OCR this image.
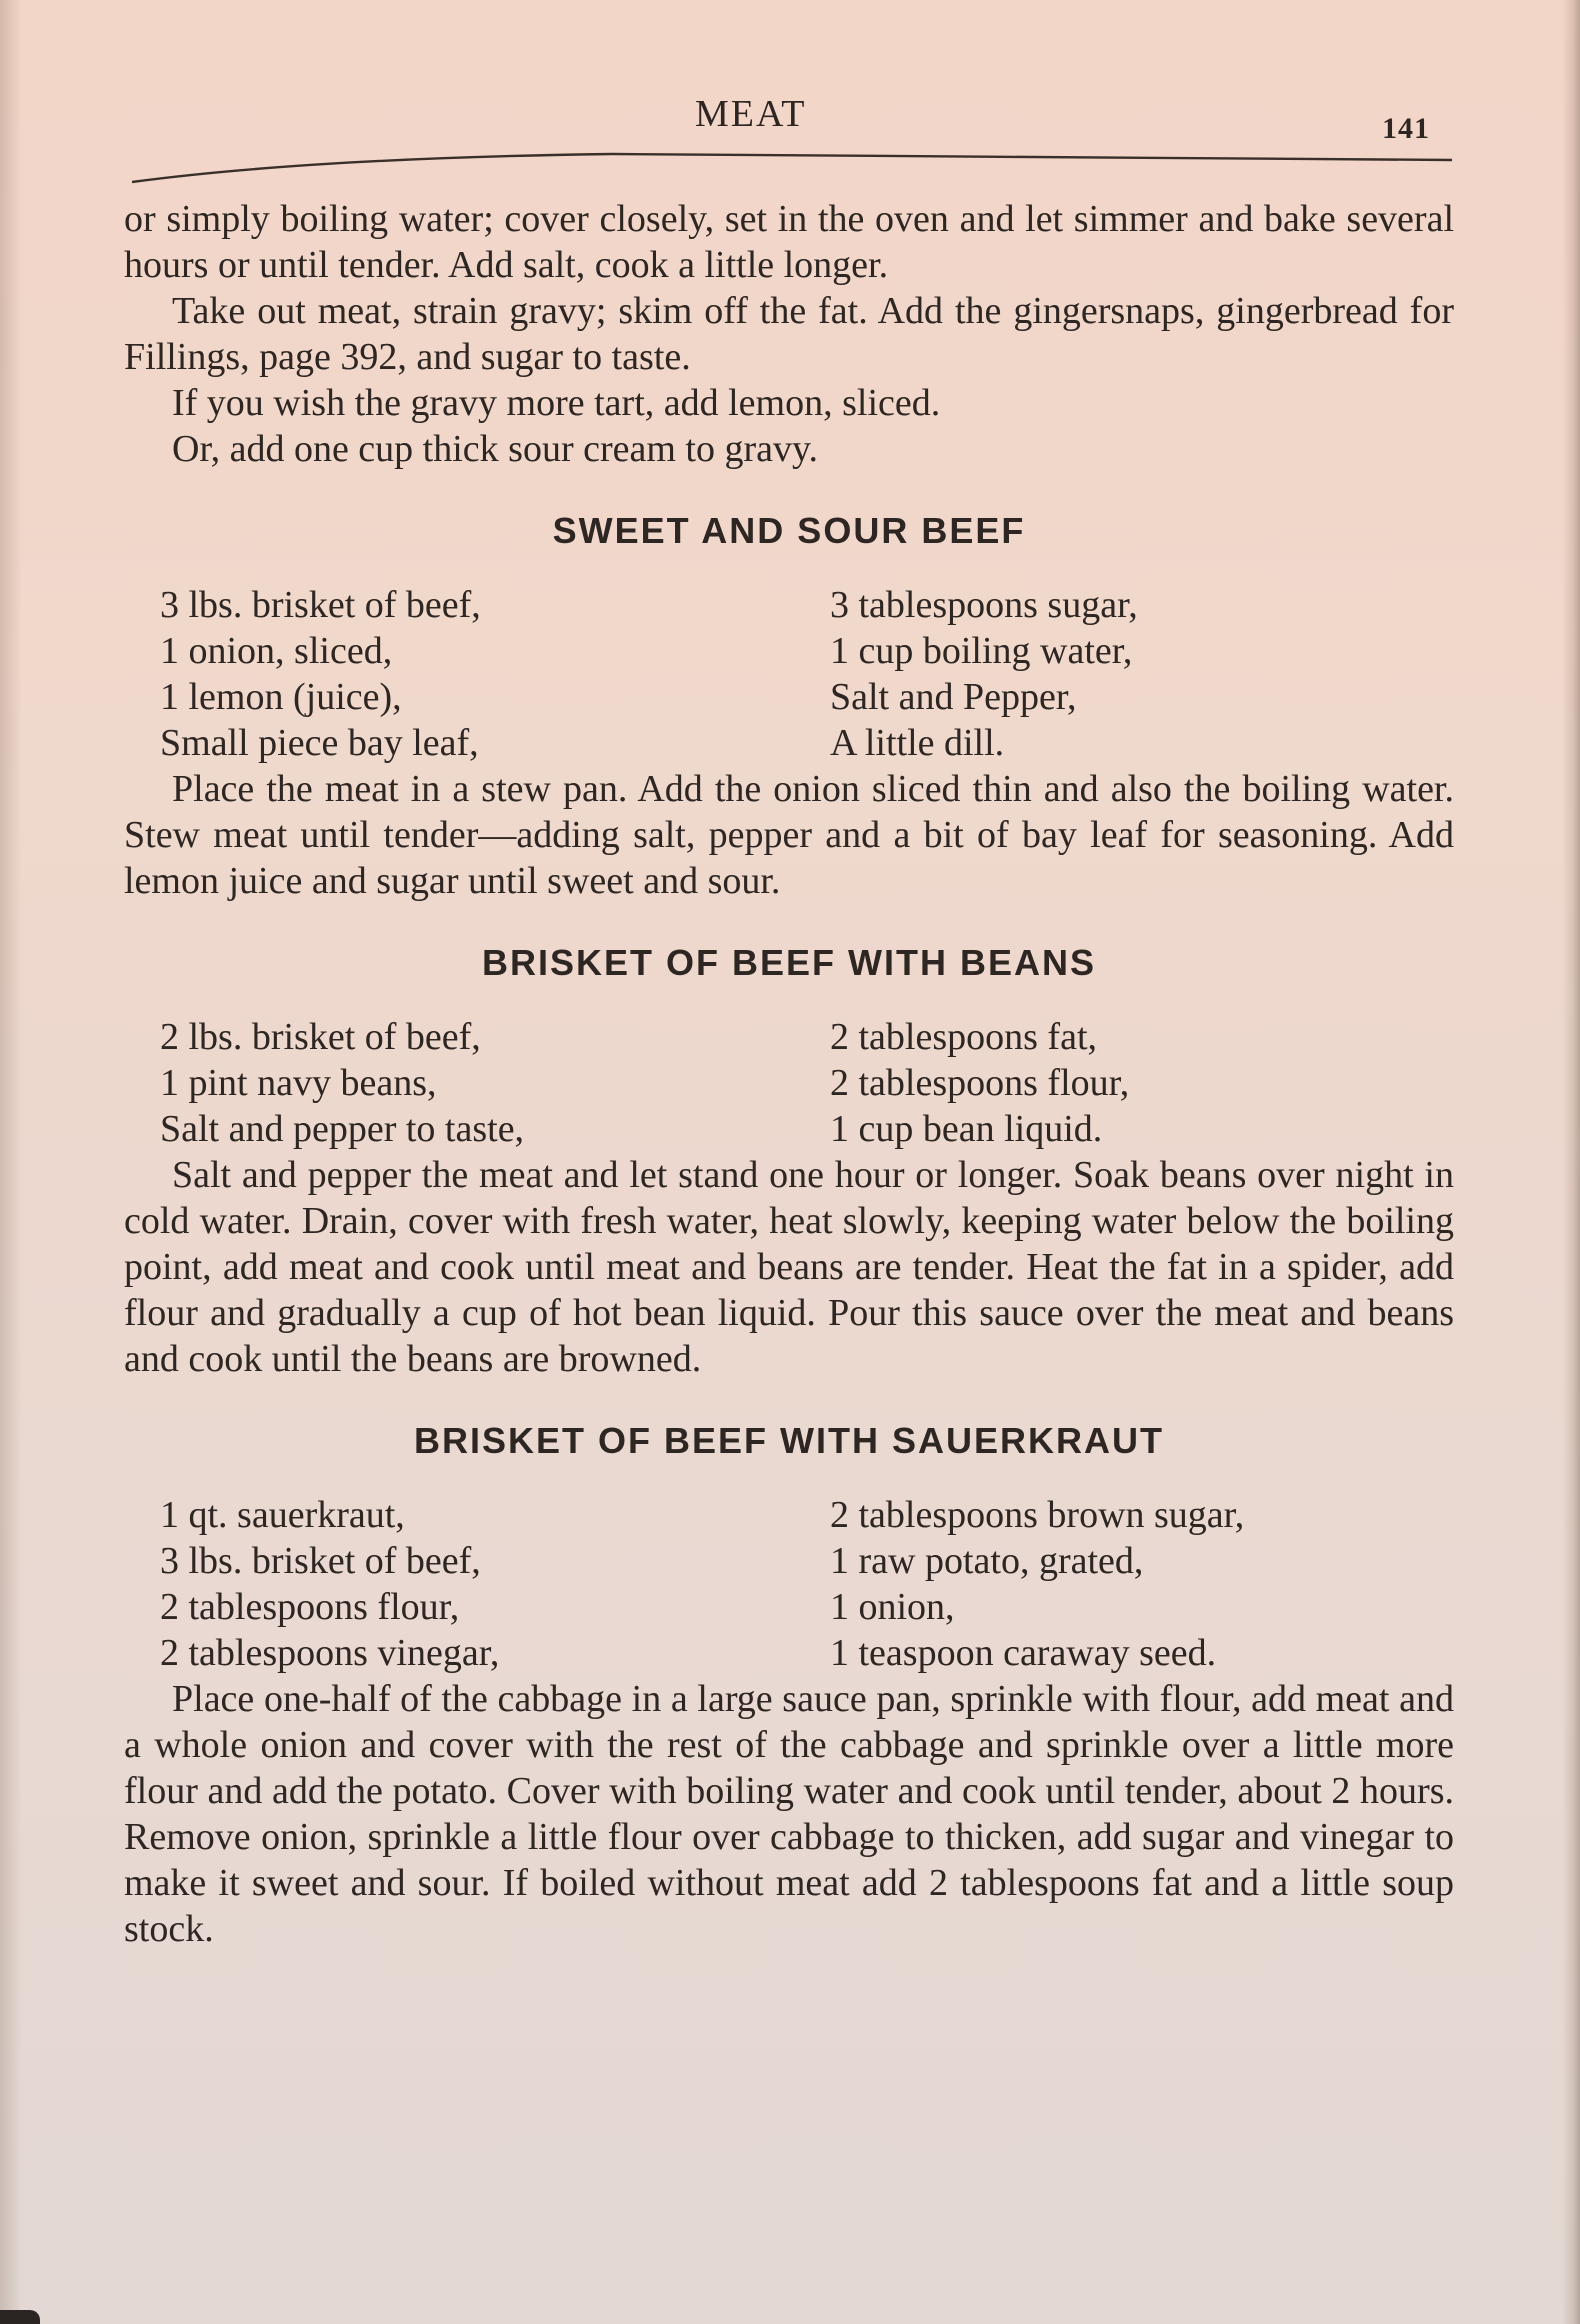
MEAT	141

or simply boiling water; cover closely, set in the oven and let simmer and bake several hours or until tender. Add salt, cook a little longer.

Take out meat, strain gravy; skim off the fat. Add the gingersnaps, gingerbread for Fillings, page 392, and sugar to taste.

If you wish the gravy more tart, add lemon, sliced.

Or, add one cup thick sour cream to gravy.

SWEET AND SOUR BEEF
3 lbs. brisket of beef,
1 onion, sliced,
1 lemon (juice),
Small piece bay leaf,
3 tablespoons sugar,
1 cup boiling water,
Salt and Pepper,
A little dill.

Place the meat in a stew pan. Add the onion sliced thin and also the boiling water. Stew meat until tender—adding salt, pepper and a bit of bay leaf for seasoning. Add lemon juice and sugar until sweet and sour.

BRISKET OF BEEF WITH BEANS
2 lbs. brisket of beef,
1 pint navy beans,
Salt and pepper to taste,
2 tablespoons fat,
2 tablespoons flour,
1 cup bean liquid.

Salt and pepper the meat and let stand one hour or longer. Soak beans over night in cold water. Drain, cover with fresh water, heat slowly, keeping water below the boiling point, add meat and cook until meat and beans are tender. Heat the fat in a spider, add flour and gradually a cup of hot bean liquid. Pour this sauce over the meat and beans and cook until the beans are browned.

BRISKET OF BEEF WITH SAUERKRAUT
1 qt. sauerkraut,
3 lbs. brisket of beef,
2 tablespoons flour,
2 tablespoons vinegar,
2 tablespoons brown sugar,
1 raw potato, grated,
1 onion,
1 teaspoon caraway seed.

Place one-half of the cabbage in a large sauce pan, sprinkle with flour, add meat and a whole onion and cover with the rest of the cabbage and sprinkle over a little more flour and add the potato. Cover with boiling water and cook until tender, about 2 hours. Remove onion, sprinkle a little flour over cabbage to thicken, add sugar and vinegar to make it sweet and sour. If boiled without meat add 2 tablespoons fat and a little soup stock.
